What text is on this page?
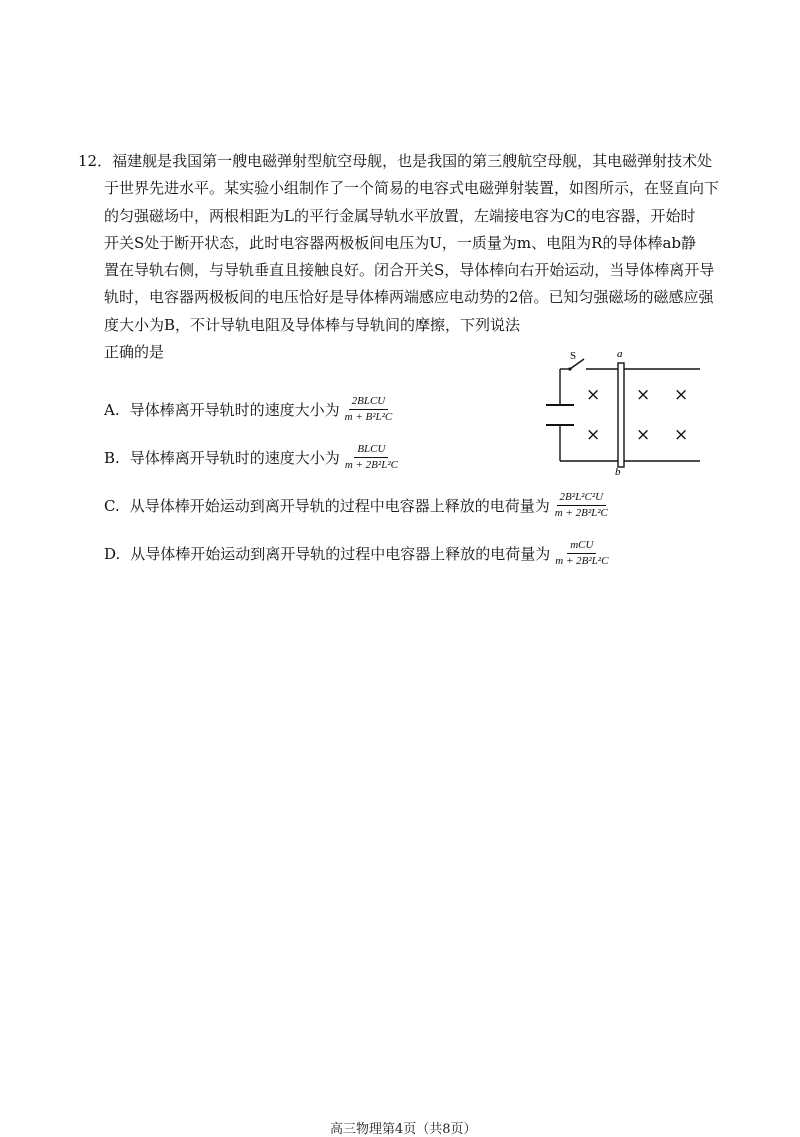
12．福建舰是我国第一艘电磁弹射型航空母舰，也是我国的第三艘航空母舰，其电磁弹射技术处
于世界先进水平。某实验小组制作了一个简易的电容式电磁弹射装置，如图所示，在竖直向下
的匀强磁场中，两根相距为L的平行金属导轨水平放置，左端接电容为C的电容器，开始时
开关S处于断开状态，此时电容器两极板间电压为U，一质量为m、电阻为R的导体棒ab静
置在导轨右侧，与导轨垂直且接触良好。闭合开关S，导体棒向右开始运动，当导体棒离开导
轨时，电容器两极板间的电压恰好是导体棒两端感应电动势的2倍。已知匀强磁场的磁感应强
度大小为B，不计导轨电阻及导体棒与导轨间的摩擦，下列说法
正确的是
A. 导体棒离开导轨时的速度大小为 $\frac{\text{2BLCU}}{\text{m + B²L²C}}$
B. 导体棒离开导轨时的速度大小为 $\frac{\text{BLCU}}{\text{m + 2B²L²C}}$
C. 从导体棒开始运动到离开导轨的过程中电容器上释放的电荷量为 $\frac{\text{2B²L²C²U}}{\text{m + 2B²L²C}}$
D. 从导体棒开始运动到离开导轨的过程中电容器上释放的电荷量为 $\frac{\text{mCU}}{\text{m + 2B²L²C}}$
S	a
b
× × ×
× × ×
高三物理第4页（共8页）
